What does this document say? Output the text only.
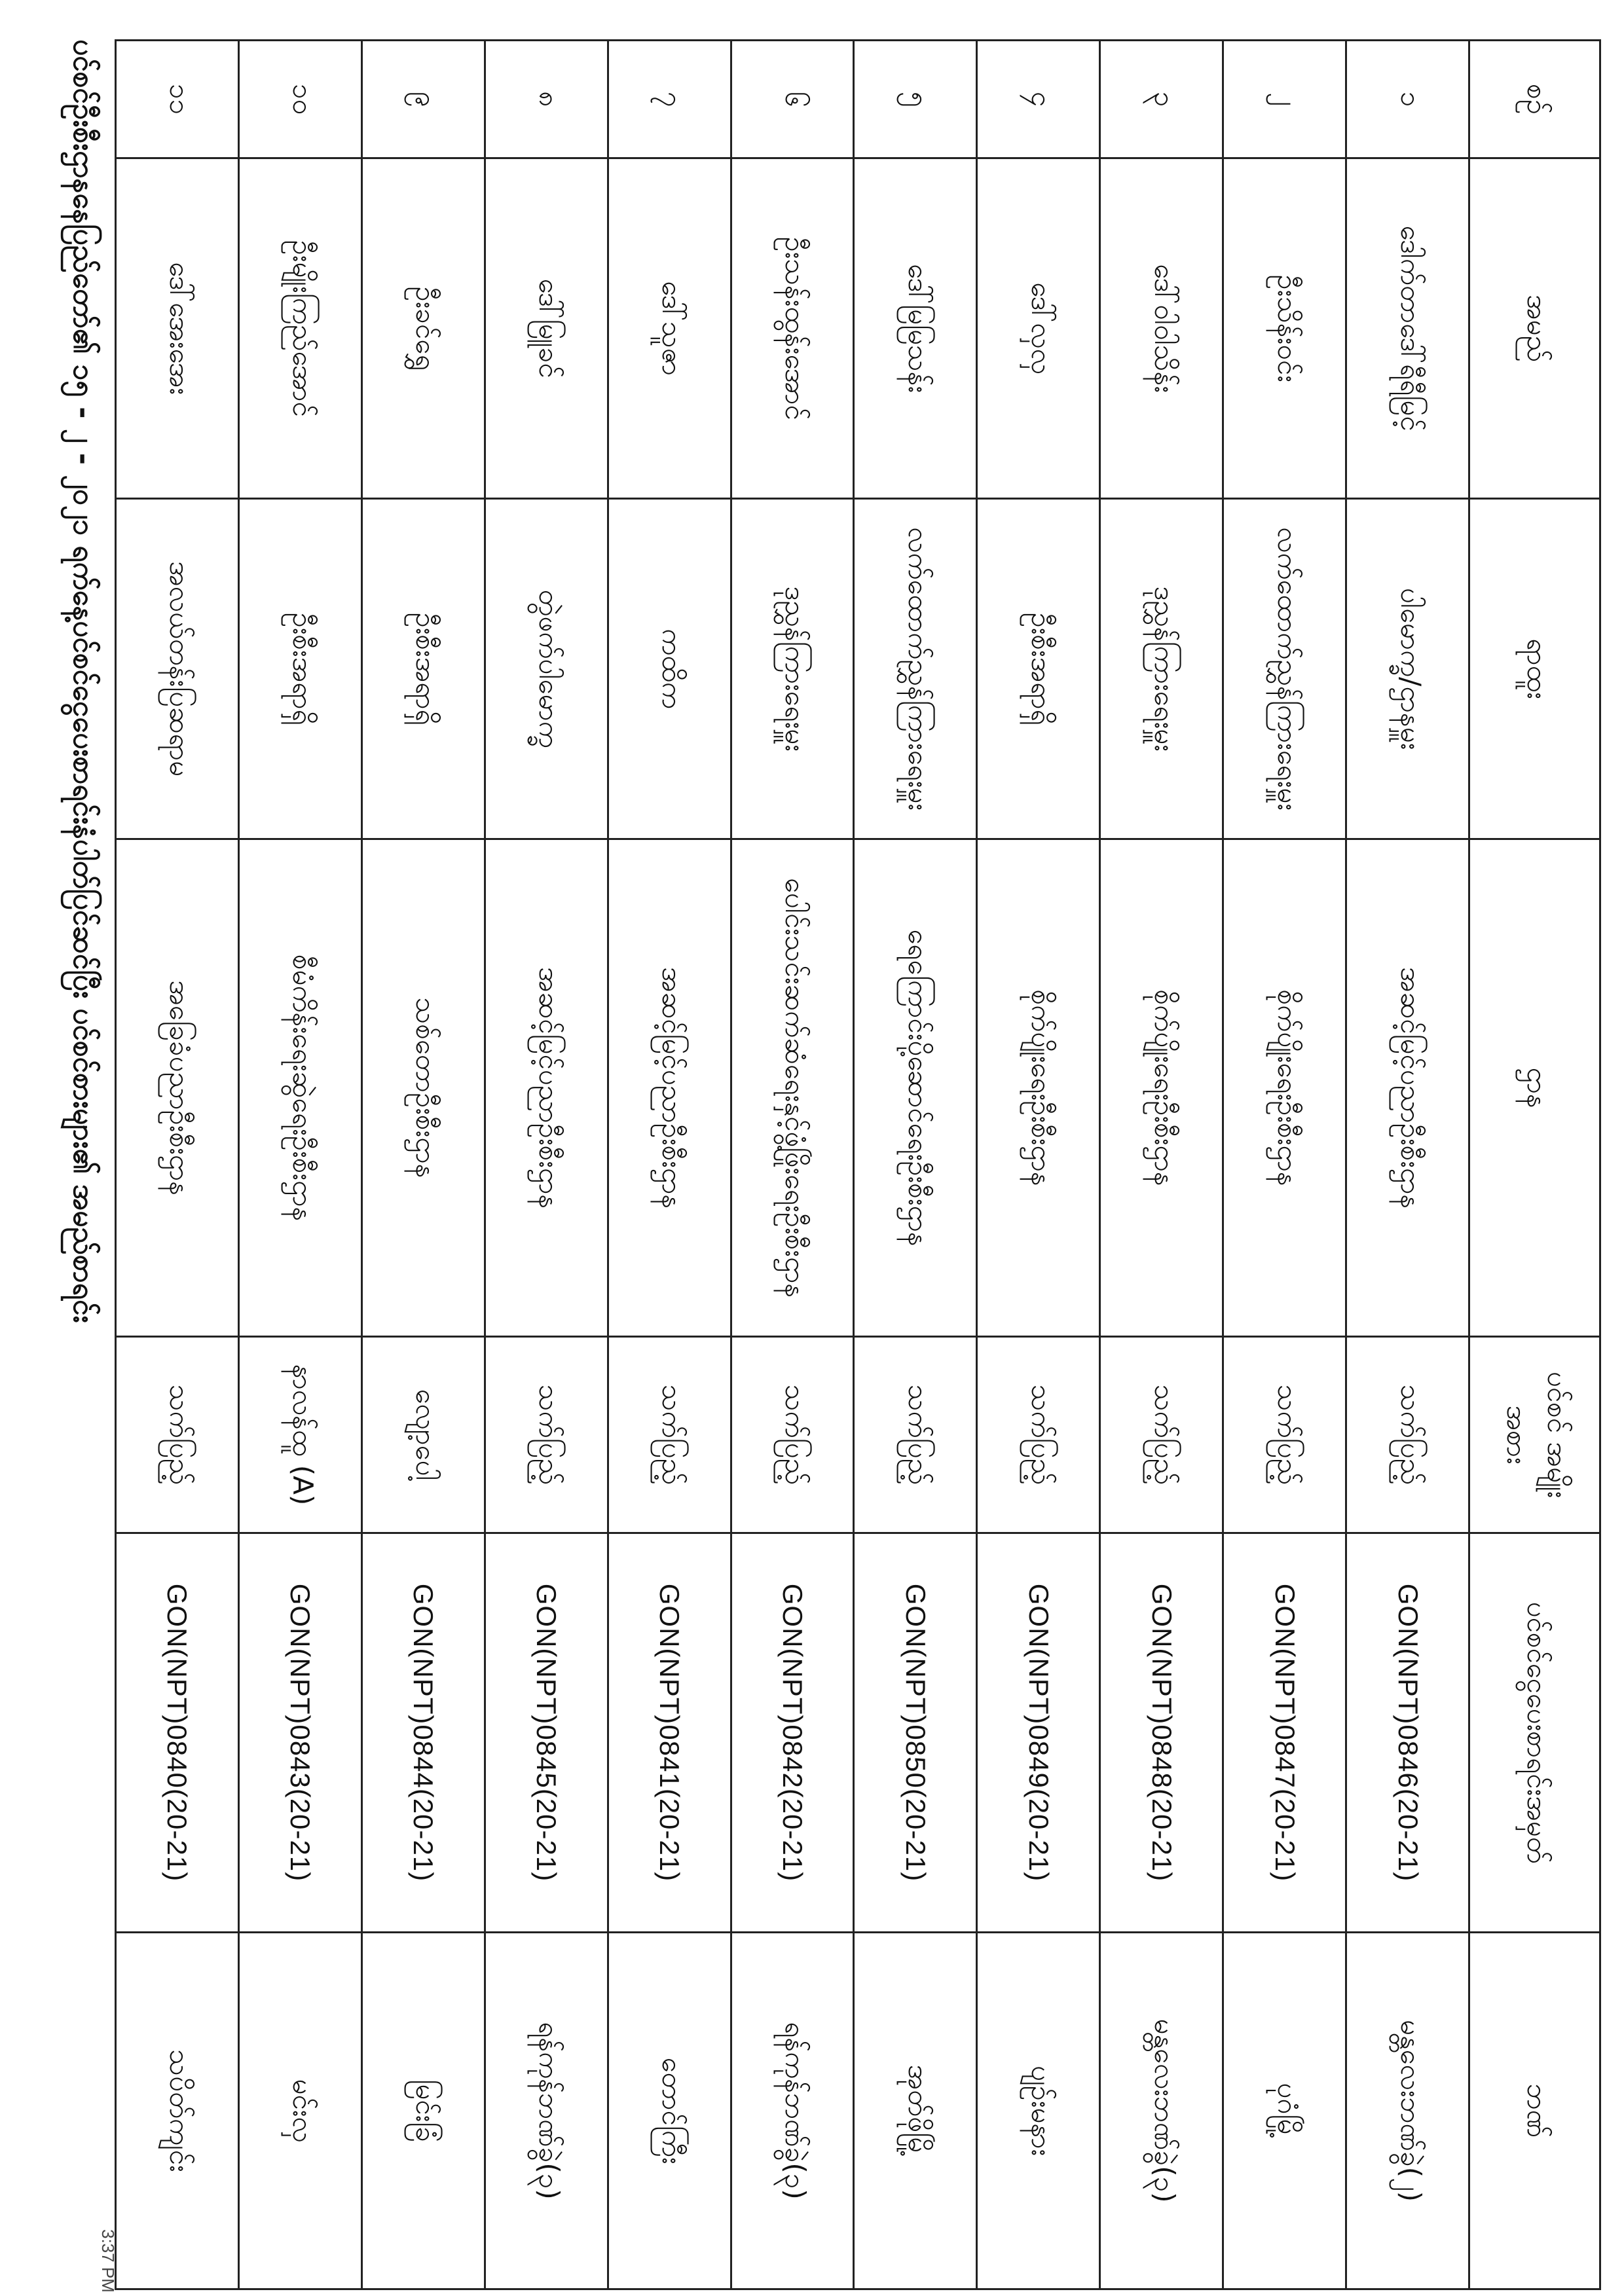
ပင်စင်ဦးစီးဌာနနေပြည်တော်၏ ၁၅ - ၂ - ၂၀၂၁ ရက်နေ့ပင်စင်ငွေပေးစာရင်းနံပါတ်ပြင်ဆင်ပြီး ပင်စင်စားများ၏ အမည်စာရင်း	စဉ်	အမည်	ရာထူး	ဌာန	ပင်စင် အမျိုးအစား	ပင်စင်ငွေပေးစာရင်းအမှတ်	ဘဏ်
၁	ဒေါက်တာဒေါ်ရီရီမြင့်	ပါမောက္ခ/ဌာနမှူး	အဆင့်မြင့်ပညာဦးစီးဌာန	သက်ပြည့်	GON(NPT)0846(20-21)	မန္တလေးဘဏ်ခွဲ(၂)
၂	ဦးသိန်းဝင်း	လက်ထောက်ညွှန်ကြားရေးမှူး	စိုက်ပျိုးရေးဦးစီးဌာန	သက်ပြည့်	GON(NPT)0847(20-21)	ပုဂံမြို့
၃	ဒေါ်ဝါဝါသိန်း	ဒုညွှန်ကြားရေးမှူး	စိုက်ပျိုးရေးဦးစီးဌာန	သက်ပြည့်	GON(NPT)0848(20-21)	မန္တလေးဘဏ်ခွဲ(၃)
၄	ဒေါ်လှလှ	ဦးစီးအရာရှိ	စိုက်ပျိုးရေးဦးစီးဌာန	သက်ပြည့်	GON(NPT)0849(20-21)	ပျဉ်းမနား
၅	ဒေါ်မြမြသန်း	လက်ထောက်ညွှန်ကြားရေးမှူး	ရေကြောင်းပို့ဆောင်ရေးဦးစီးဌာန	သက်ပြည့်	GON(NPT)0850(20-21)	အုတ်ဖိုမြို့
၆	ဦးသန်းထွန်းအောင်	ဒုညွှန်ကြားရေးမှူး	ပေါင်းသင်းဆက်ဆံရေးနှင့်ဖွံ့ဖြိုးရေးဦးစီးဌာန	သက်ပြည့်	GON(NPT)0842(20-21)	ရန်ကုန်ဘဏ်ခွဲ(၃)
၇	ဒေါ်သူဇာ	ကထိက	အဆင့်မြင့်ပညာဦးစီးဌာန	သက်ပြည့်	GON(NPT)0841(20-21)	တောင်ကြီး
၈	ဒေါ်မြူခင်	တွဲဖက်ပါမောက္ခ	အဆင့်မြင့်ပညာဦးစီးဌာန	သက်ပြည့်	GON(NPT)0845(20-21)	ရန်ကုန်ဘဏ်ခွဲ(၃)
၉	ဦးခင်ရွှေ	ဦးစီးအရာရှိ	သစ်တောဦးစီးဌာန	လျော့ပေါ့	GON(NPT)0844(20-21)	မြင်းခြံ
၁၀	ဦးမျိုးကြည်အောင်	ဦးစီးအရာရှိ	စီမံကိန်းရေးဆွဲရေးဦးစီးဌာန	နာလန်ထူ (A)	GON(NPT)0843(20-21)	မင်းလှ
၁၁	ဒေါ်အေးအေး	အလယ်တန်းပြဆရာမ	အခြေခံပညာဦးစီးဌာန	သက်ပြည့်	GON(NPT)0840(20-21)	သပိတ်ကျင်း
3:37 PM
